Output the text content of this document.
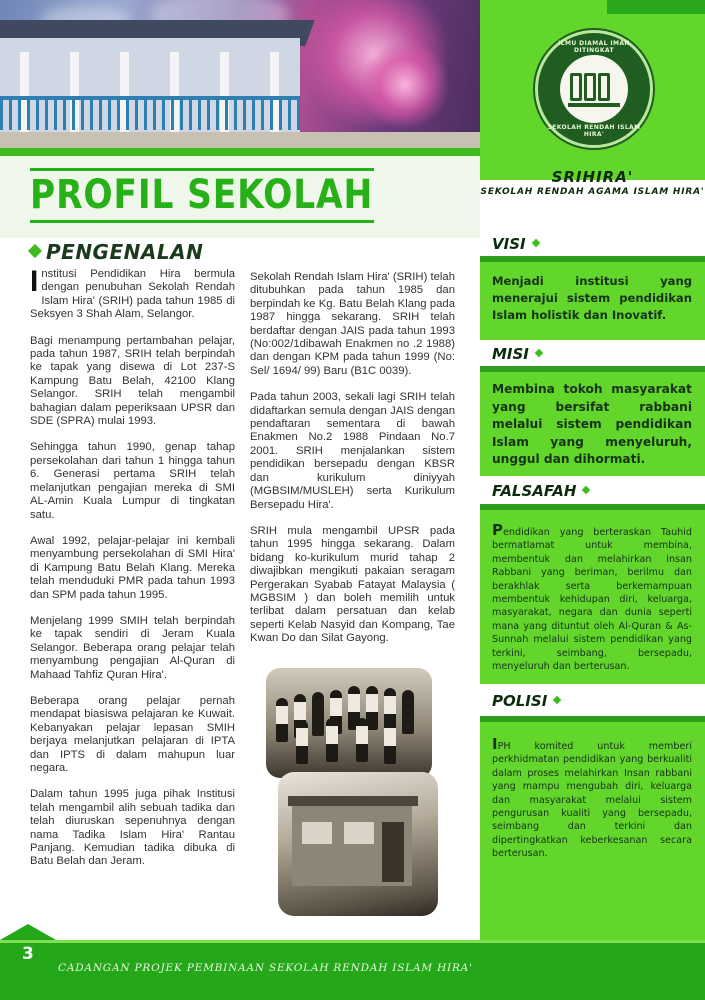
PROFIL SEKOLAH
PENGENALAN

Institusi Pendidikan Hira bermula dengan penubuhan Sekolah Rendah Islam Hira' (SRIH) pada tahun 1985 di Seksyen 3 Shah Alam, Selangor.

Bagi menampung pertambahan pelajar, pada tahun 1987, SRIH telah berpindah ke tapak yang disewa di Lot 237-S Kampung Batu Belah, 42100 Klang Selangor. SRIH telah mengambil bahagian dalam peperiksaan UPSR dan SDE (SPRA) mulai 1993.

Sehingga tahun 1990, genap tahap persekolahan dari tahun 1 hingga tahun 6. Generasi pertama SRIH telah melanjutkan pengajian mereka di SMI AL-Amin Kuala Lumpur di tingkatan satu.

Awal 1992, pelajar-pelajar ini kembali menyambung persekolahan di SMI Hira' di Kampung Batu Belah Klang. Mereka telah menduduki PMR pada tahun 1993 dan SPM pada tahun 1995.

Menjelang 1999 SMIH telah berpindah ke tapak sendiri di Jeram Kuala Selangor. Beberapa orang pelajar telah menyambung pengajian Al-Quran di Mahaad Tahfiz Quran Hira'.

Beberapa orang pelajar pernah mendapat biasiswa pelajaran ke Kuwait. Kebanyakan pelajar lepasan SMIH berjaya melanjutkan pelajaran di IPTA dan IPTS di dalam mahupun luar negara.

Dalam tahun 1995 juga pihak Institusi telah mengambil alih sebuah tadika dan telah diuruskan sepenuhnya dengan nama Tadika Islam Hira' Rantau Panjang. Kemudian tadika dibuka di Batu Belah dan Jeram.

Sekolah Rendah Islam Hira' (SRIH) telah ditubuhkan pada tahun 1985 dan berpindah ke Kg. Batu Belah Klang pada 1987 hingga sekarang. SRIH telah berdaftar dengan JAIS pada tahun 1993 (No:002/1dibawah Enakmen no .2 1988) dan dengan KPM pada tahun 1999 (No: Sel/ 1694/ 99) Baru (B1C 0039).

Pada tahun 2003, sekali lagi SRIH telah didaftarkan semula dengan JAIS dengan pendaftaran sementara di bawah Enakmen No.2 1988 Pindaan No.7 2001. SRIH menjalankan sistem pendidikan bersepadu dengan KBSR dan kurikulum diniyyah (MGBSIM/MUSLEH) serta Kurikulum Bersepadu Hira'.

SRIH mula mengambil UPSR pada tahun 1995 hingga sekarang. Dalam bidang ko-kurikulum murid tahap 2 diwajibkan mengikuti pakaian seragam Pergerakan Syabab Fatayat Malaysia ( MGBSIM ) dan boleh memilih untuk terlibat dalam persatuan dan kelab seperti Kelab Nasyid dan Kompang, Tae Kwan Do dan Silat Gayong.

ILMU DIAMAL IMAN DITINGKAT
SEKOLAH RENDAH ISLAM HIRA'
SRIHIRA'
SEKOLAH RENDAH AGAMA ISLAM HIRA'
VISI
Menjadi institusi yang menerajui sistem pendidikan Islam holistik dan Inovatif.
MISI
Membina tokoh masyarakat yang bersifat rabbani melalui sistem pendidikan Islam yang menyeluruh, unggul dan dihormati.
FALSAFAH
Pendidikan yang berteraskan Tauhid bermatlamat untuk membina, membentuk dan melahirkan insan Rabbani yang beriman, berilmu dan berakhlak serta berkemampuan membentuk kehidupan diri, keluarga, masyarakat, negara dan dunia seperti mana yang dituntut oleh Al-Quran & As-Sunnah melalui sistem pendidikan yang terkini, seimbang, bersepadu, menyeluruh dan berterusan.
POLISI
IPH komited untuk memberi perkhidmatan pendidikan yang berkualiti dalam proses melahirkan Insan rabbani yang mampu mengubah diri, keluarga dan masyarakat melalui sistem pengurusan kualiti yang bersepadu, seimbang dan terkini dan dipertingkatkan keberkesanan secara berterusan.
3
CADANGAN PROJEK PEMBINAAN SEKOLAH RENDAH ISLAM HIRA'
